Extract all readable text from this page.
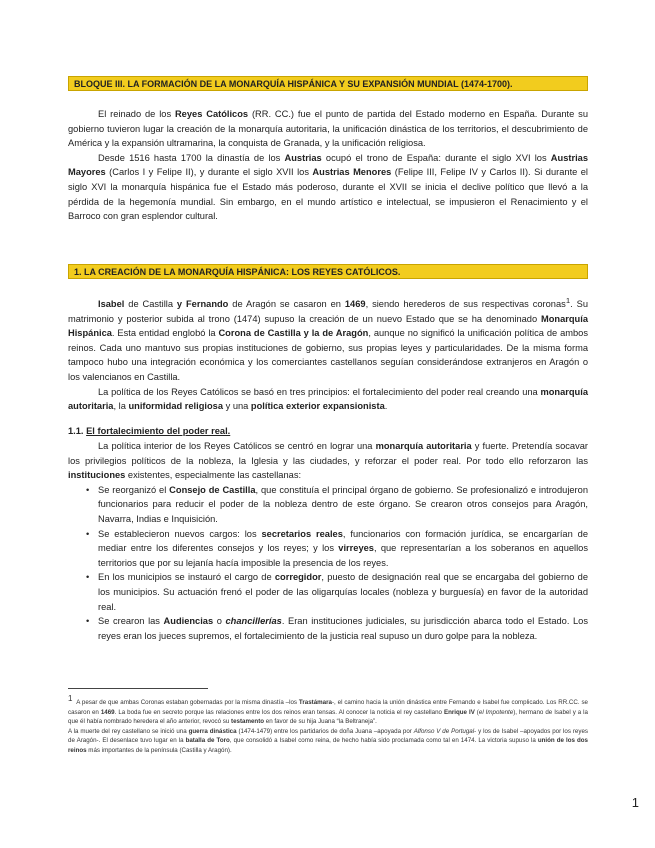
BLOQUE III. LA FORMACIÓN DE LA MONARQUÍA HISPÁNICA Y SU EXPANSIÓN MUNDIAL (1474-1700).

El reinado de los Reyes Católicos (RR. CC.) fue el punto de partida del Estado moderno en España. Durante su gobierno tuvieron lugar la creación de la monarquía autoritaria, la unificación dinástica de los territorios, el descubrimiento de América y la expansión ultramarina, la conquista de Granada, y la unificación religiosa.

Desde 1516 hasta 1700 la dinastía de los Austrias ocupó el trono de España: durante el siglo XVI los Austrias Mayores (Carlos I y Felipe II), y durante el siglo XVII los Austrias Menores (Felipe III, Felipe IV y Carlos II). Si durante el siglo XVI la monarquía hispánica fue el Estado más poderoso, durante el XVII se inicia el declive político que llevó a la pérdida de la hegemonía mundial. Sin embargo, en el mundo artístico e intelectual, se impusieron el Renacimiento y el Barroco con gran esplendor cultural.

1. LA CREACIÓN DE LA MONARQUÍA HISPÁNICA: LOS REYES CATÓLICOS.

Isabel de Castilla y Fernando de Aragón se casaron en 1469, siendo herederos de sus respectivas coronas$^1$. Su matrimonio y posterior subida al trono (1474) supuso la creación de un nuevo Estado que se ha denominado Monarquía Hispánica. Esta entidad englobó la Corona de Castilla y la de Aragón, aunque no significó la unificación política de ambos reinos. Cada uno mantuvo sus propias instituciones de gobierno, sus propias leyes y particularidades. De la misma forma tampoco hubo una integración económica y los comerciantes castellanos seguían considerándose extranjeros en Aragón o los valencianos en Castilla.

La política de los Reyes Católicos se basó en tres principios: el fortalecimiento del poder real creando una monarquía autoritaria, la uniformidad religiosa y una política exterior expansionista.

1.1. El fortalecimiento del poder real.

La política interior de los Reyes Católicos se centró en lograr una monarquía autoritaria y fuerte. Pretendía socavar los privilegios políticos de la nobleza, la Iglesia y las ciudades, y reforzar el poder real. Por todo ello reforzaron las instituciones existentes, especialmente las castellanas:

• Se reorganizó el Consejo de Castilla, que constituía el principal órgano de gobierno. Se profesionalizó e introdujeron funcionarios para reducir el poder de la nobleza dentro de este órgano. Se crearon otros consejos para Aragón, Navarra, Indias e Inquisición.
• Se establecieron nuevos cargos: los secretarios reales, funcionarios con formación jurídica, se encargarían de mediar entre los diferentes consejos y los reyes; y los virreyes, que representarían a los soberanos en aquellos territorios que por su lejanía hacía imposible la presencia de los reyes.
• En los municipios se instauró el cargo de corregidor, puesto de designación real que se encargaba del gobierno de los municipios. Su actuación frenó el poder de las oligarquías locales (nobleza y burguesía) en favor de la autoridad real.
• Se crearon las Audiencias o chancillerías. Eran instituciones judiciales, su jurisdicción abarca todo el Estado. Los reyes eran los jueces supremos, el fortalecimiento de la justicia real supuso un duro golpe para la nobleza.

$^1$ A pesar de que ambas Coronas estaban gobernadas por la misma dinastía –los Trastámara-, el camino hacia la unión dinástica entre Fernando e Isabel fue complicado. Los RR.CC. se casaron en 1469. La boda fue en secreto porque las relaciones entre los dos reinos eran tensas. Al conocer la noticia el rey castellano Enrique IV (el Impotente), hermano de Isabel y a la que él había nombrado heredera el año anterior, revocó su testamento en favor de su hija Juana “la Beltraneja”.

A la muerte del rey castellano se inició una guerra dinástica (1474-1479) entre los partidarios de doña Juana –apoyada por Alfonso V de Portugal- y los de Isabel –apoyados por los reyes de Aragón-. El desenlace tuvo lugar en la batalla de Toro, que consolidó a Isabel como reina, de hecho había sido proclamada como tal en 1474. La victoria supuso la unión de los dos reinos más importantes de la península (Castilla y Aragón).

1
